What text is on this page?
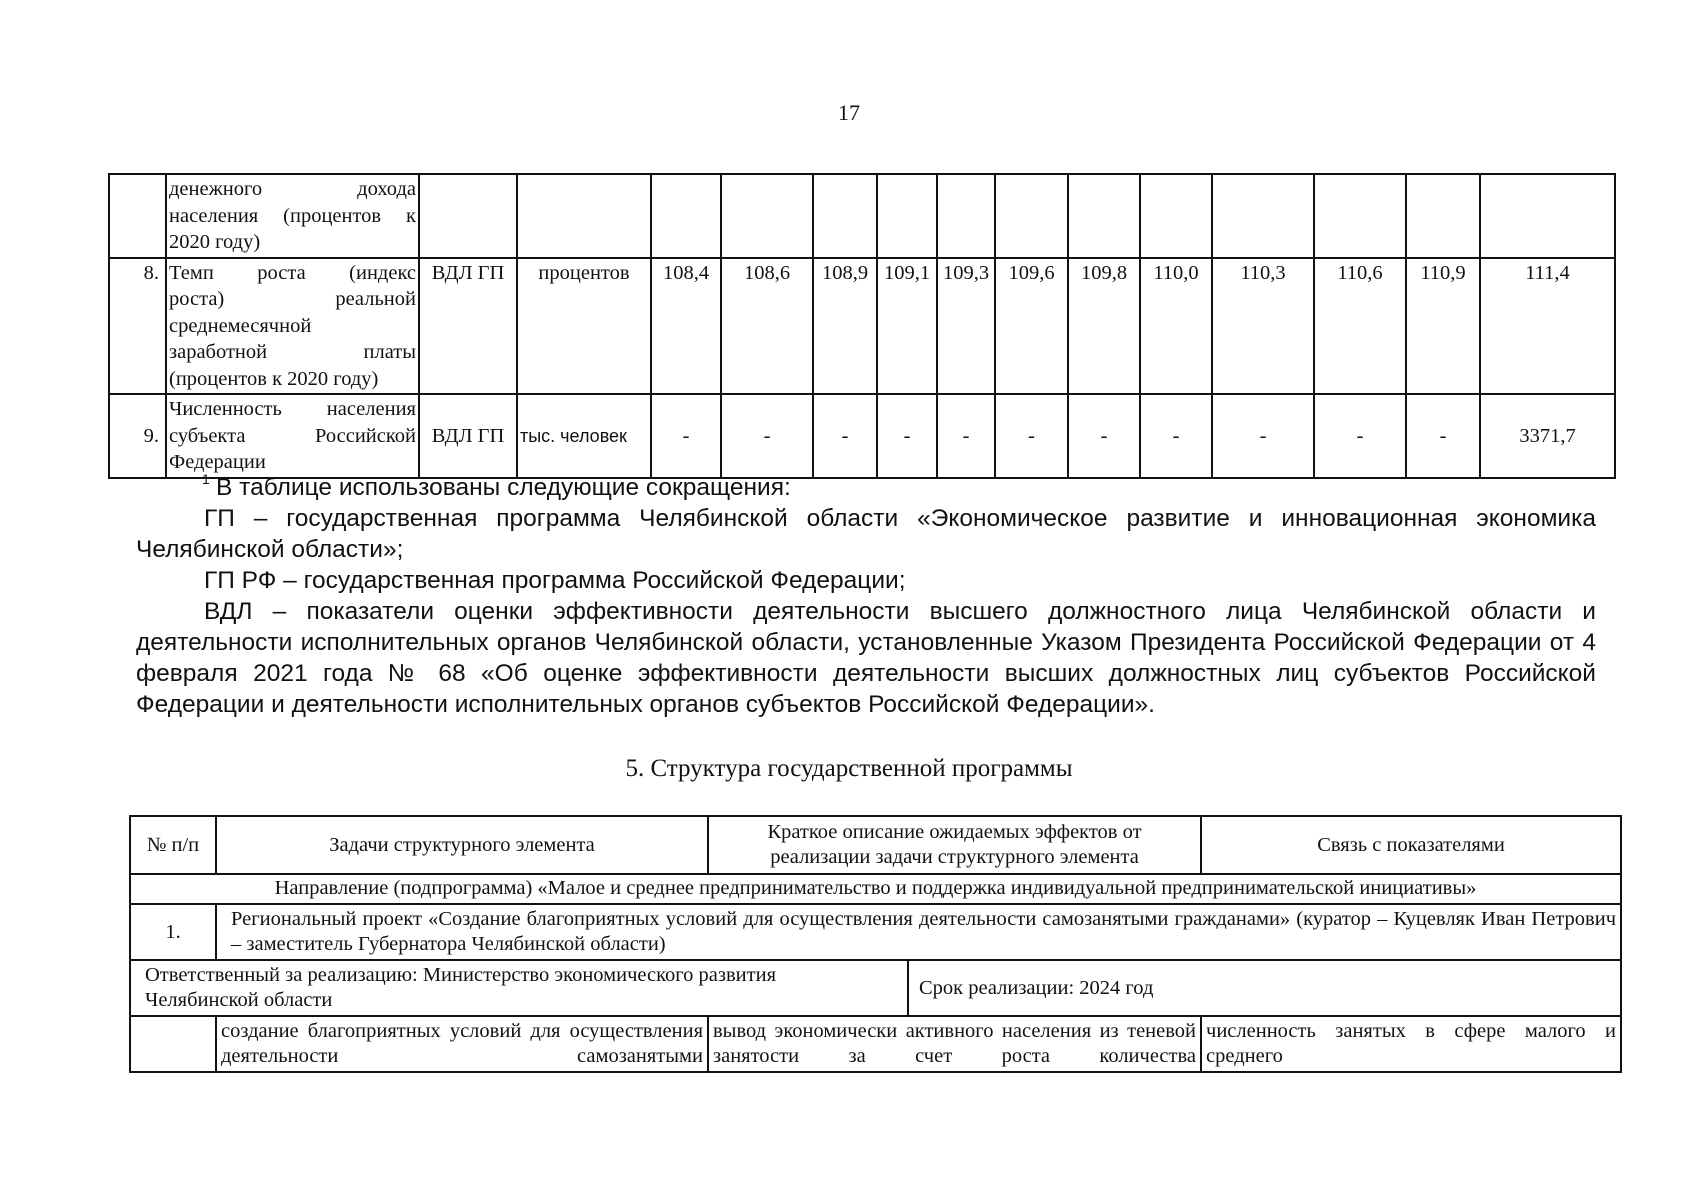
17

	денежного дохода
населения (процентов к
2020 году)														

8.	Темп роста (индекс
роста) реальной
среднемесячной
заработной платы
(процентов к 2020 году)	ВДЛ ГП	процентов	108,4	108,6	108,9	109,1	109,3	109,6	109,8	110,0	110,3	110,6	110,9	111,4
9.	Численность населения
субъекта Российской
Федерации	ВДЛ ГП	тыс. человек	-	-	-	-	-	-	-	-	-	-	-	3371,7

1 В таблице использованы следующие сокращения:

ГП – государственная программа Челябинской области «Экономическое развитие и инновационная экономика Челябинской области»;

ГП РФ – государственная программа Российской Федерации;

ВДЛ – показатели оценки эффективности деятельности высшего должностного лица Челябинской области и деятельности исполнительных органов Челябинской области, установленные Указом Президента Российской Федерации от 4 февраля 2021 года № 68 «Об оценке эффективности деятельности высших должностных лиц субъектов Российской Федерации и деятельности исполнительных органов субъектов Российской Федерации».

5. Структура государственной программы
№ п/п	Задачи структурного элемента	Краткое описание ожидаемых эффектов от реализации задачи структурного элемента		Связь с показателями
Направление (подпрограмма) «Малое и среднее предпринимательство и поддержка индивидуальной предпринимательской инициативы»				
1.	Региональный проект «Создание благоприятных условий для осуществления деятельности самозанятыми гражданами» (куратор – Куцевляк Иван Петрович – заместитель Губернатора Челябинской области)			
Ответственный за реализацию: Министерство экономического развития Челябинской области			Срок реализации: 2024 год	
	создание благоприятных условий для осуществления деятельности самозанятыми	вывод экономически активного населения из теневой занятости за счет роста количества		численность занятых в сфере малого и среднего
